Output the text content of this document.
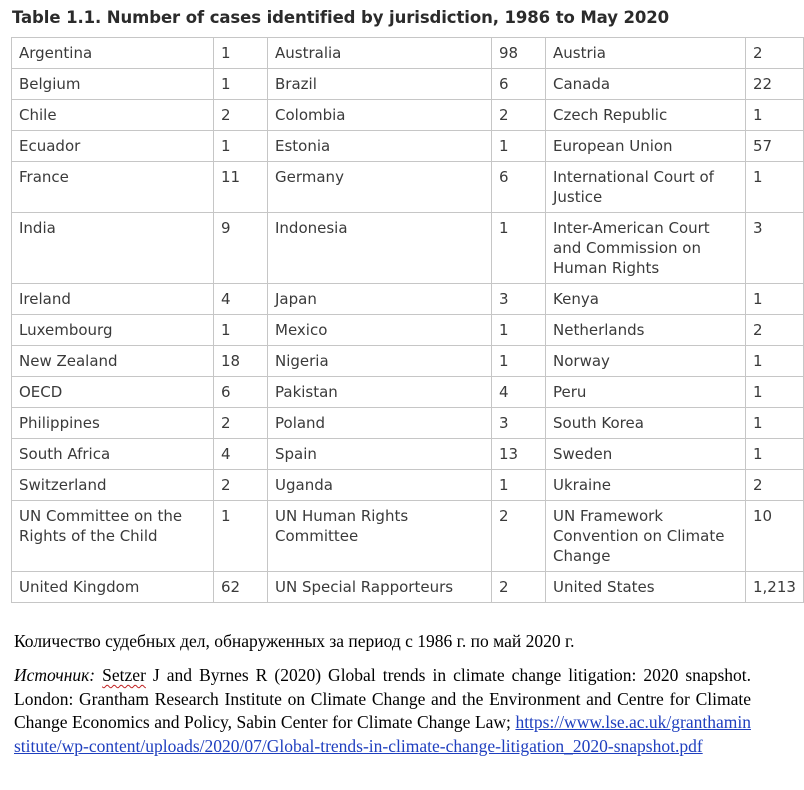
Table 1.1. Number of cases identified by jurisdiction, 1986 to May 2020
Argentina	1	Australia	98	Austria	2
Belgium	1	Brazil	6	Canada	22
Chile	2	Colombia	2	Czech Republic	1
Ecuador	1	Estonia	1	European Union	57
France	11	Germany	6	International Court of Justice	1
India	9	Indonesia	1	Inter-American Court and Commission on Human Rights	3
Ireland	4	Japan	3	Kenya	1
Luxembourg	1	Mexico	1	Netherlands	2
New Zealand	18	Nigeria	1	Norway	1
OECD	6	Pakistan	4	Peru	1
Philippines	2	Poland	3	South Korea	1
South Africa	4	Spain	13	Sweden	1
Switzerland	2	Uganda	1	Ukraine	2
UN Committee on the Rights of the Child	1	UN Human Rights Committee	2	UN Framework Convention on Climate Change	10
United Kingdom	62	UN Special Rapporteurs	2	United States	1,213
Количество судебных дел, обнаруженных за период с 1986 г. по май 2020 г.
Источник: Setzer J and Byrnes R (2020) Global trends in climate change litigation: 2020 snapshot. London: Grantham Research Institute on Climate Change and the Environment and Centre for Climate Change Economics and Policy, Sabin Center for Climate Change Law; https://www.lse.ac.uk/granthaminstitute/wp-content/uploads/2020/07/Global-trends-in-climate-change-litigation_2020-snapshot.pdf
